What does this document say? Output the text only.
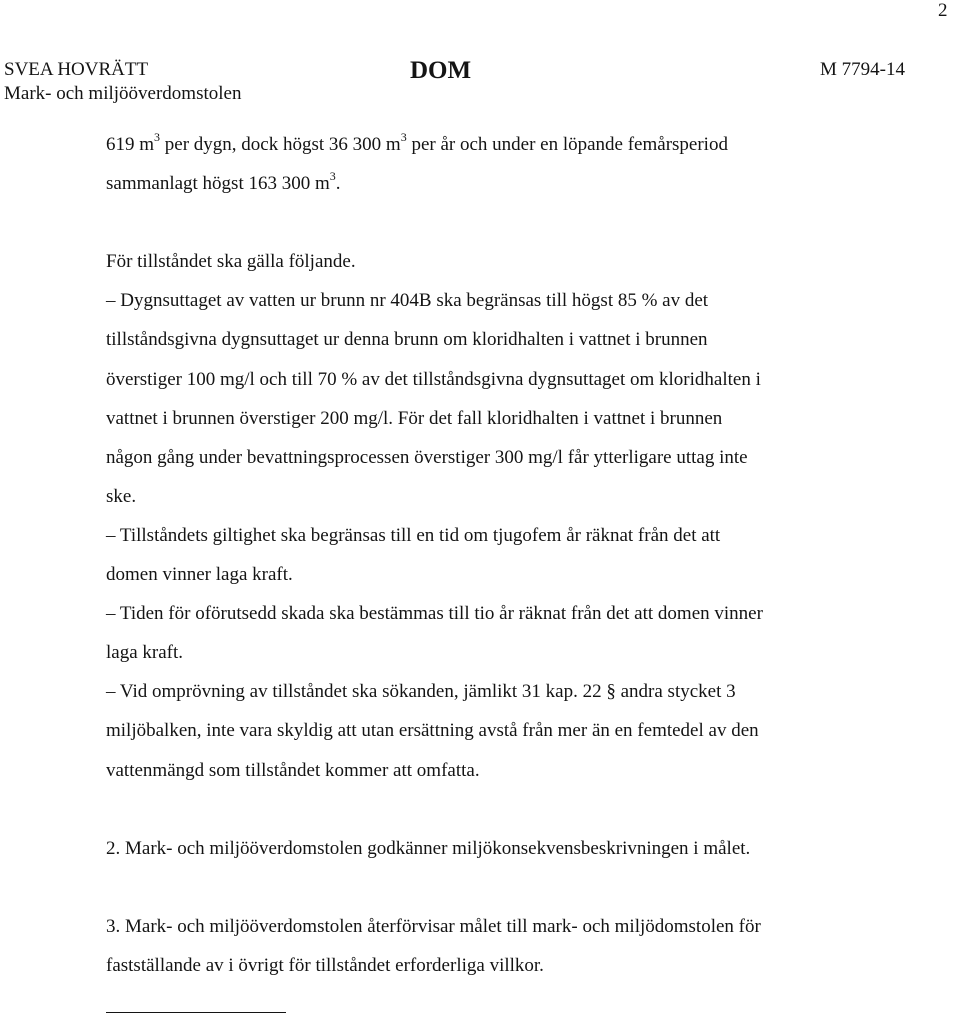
2
SVEA HOVRÄTT
Mark- och miljööverdomstolen
DOM	M 7794-14
619 $m^3$ per dygn, dock högst 36 300 $m^3$ per år och under en löpande femårsperiod
sammanlagt högst 163 300 $m^3$.
För tillståndet ska gälla följande.
– Dygnsuttaget av vatten ur brunn nr 404B ska begränsas till högst 85 % av det
tillståndsgivna dygnsuttaget ur denna brunn om kloridhalten i vattnet i brunnen
överstiger 100 mg/l och till 70 % av det tillståndsgivna dygnsuttaget om kloridhalten i
vattnet i brunnen överstiger 200 mg/l. För det fall kloridhalten i vattnet i brunnen
någon gång under bevattningsprocessen överstiger 300 mg/l får ytterligare uttag inte
ske.
– Tillståndets giltighet ska begränsas till en tid om tjugofem år räknat från det att
domen vinner laga kraft.
– Tiden för oförutsedd skada ska bestämmas till tio år räknat från det att domen vinner
laga kraft.
– Vid omprövning av tillståndet ska sökanden, jämlikt 31 kap. 22 § andra stycket 3
miljöbalken, inte vara skyldig att utan ersättning avstå från mer än en femtedel av den
vattenmängd som tillståndet kommer att omfatta.
2. Mark- och miljööverdomstolen godkänner miljökonsekvensbeskrivningen i målet.
3. Mark- och miljööverdomstolen återförvisar målet till mark- och miljödomstolen för
fastställande av i övrigt för tillståndet erforderliga villkor.
